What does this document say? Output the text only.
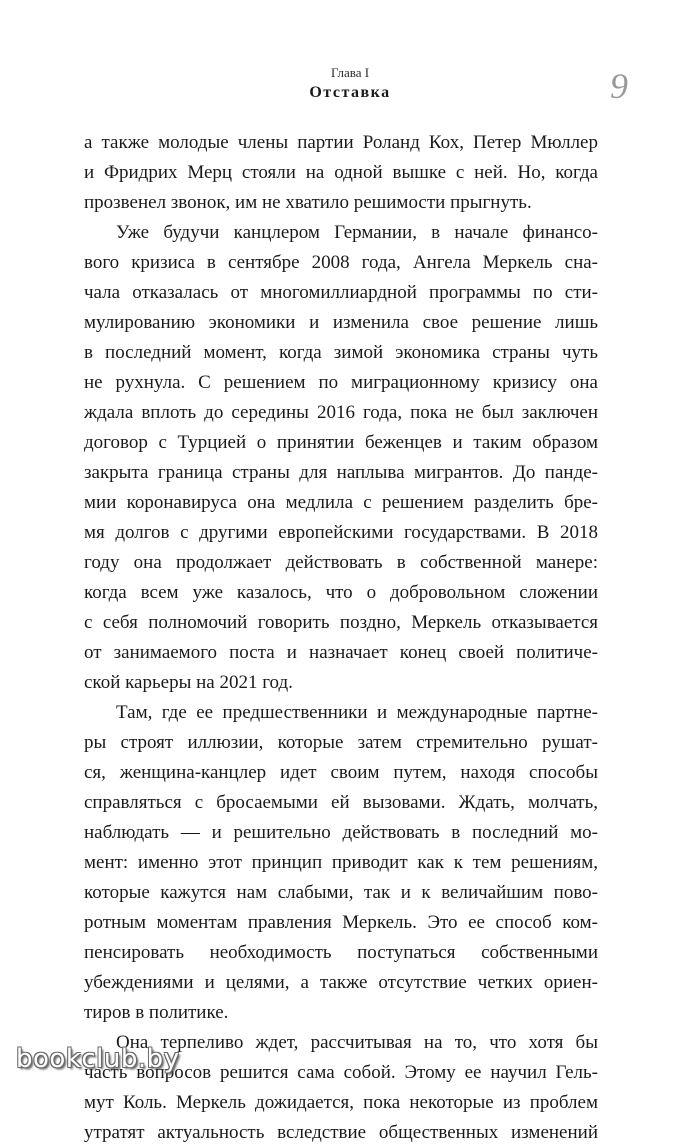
Глава I
Отставка	9
а также молодые члены партии Роланд Кох, Петер Мюллер
и Фридрих Мерц стояли на одной вышке с ней. Но, когда
прозвенел звонок, им не хватило решимости прыгнуть.
Уже будучи канцлером Германии, в начале финансо-
вого кризиса в сентябре 2008 года, Ангела Меркель сна-
чала отказалась от многомиллиардной программы по сти-
мулированию экономики и изменила свое решение лишь
в последний момент, когда зимой экономика страны чуть
не рухнула. С решением по миграционному кризису она
ждала вплоть до середины 2016 года, пока не был заключен
договор с Турцией о принятии беженцев и таким образом
закрыта граница страны для наплыва мигрантов. До панде-
мии коронавируса она медлила с решением разделить бре-
мя долгов с другими европейскими государствами. В 2018
году она продолжает действовать в собственной манере:
когда всем уже казалось, что о добровольном сложении
с себя полномочий говорить поздно, Меркель отказывается
от занимаемого поста и назначает конец своей политиче-
ской карьеры на 2021 год.
Там, где ее предшественники и международные партне-
ры строят иллюзии, которые затем стремительно рушат-
ся, женщина-канцлер идет своим путем, находя способы
справляться с бросаемыми ей вызовами. Ждать, молчать,
наблюдать — и решительно действовать в последний мо-
мент: именно этот принцип приводит как к тем решениям,
которые кажутся нам слабыми, так и к величайшим пово-
ротным моментам правления Меркель. Это ее способ ком-
пенсировать необходимость поступаться собственными
убеждениями и целями, а также отсутствие четких ориен-
тиров в политике.
Она терпеливо ждет, рассчитывая на то, что хотя бы
часть вопросов решится сама собой. Этому ее научил Гель-
мут Коль. Меркель дожидается, пока некоторые из проблем
утратят актуальность вследствие общественных изменений
bookclub.by
